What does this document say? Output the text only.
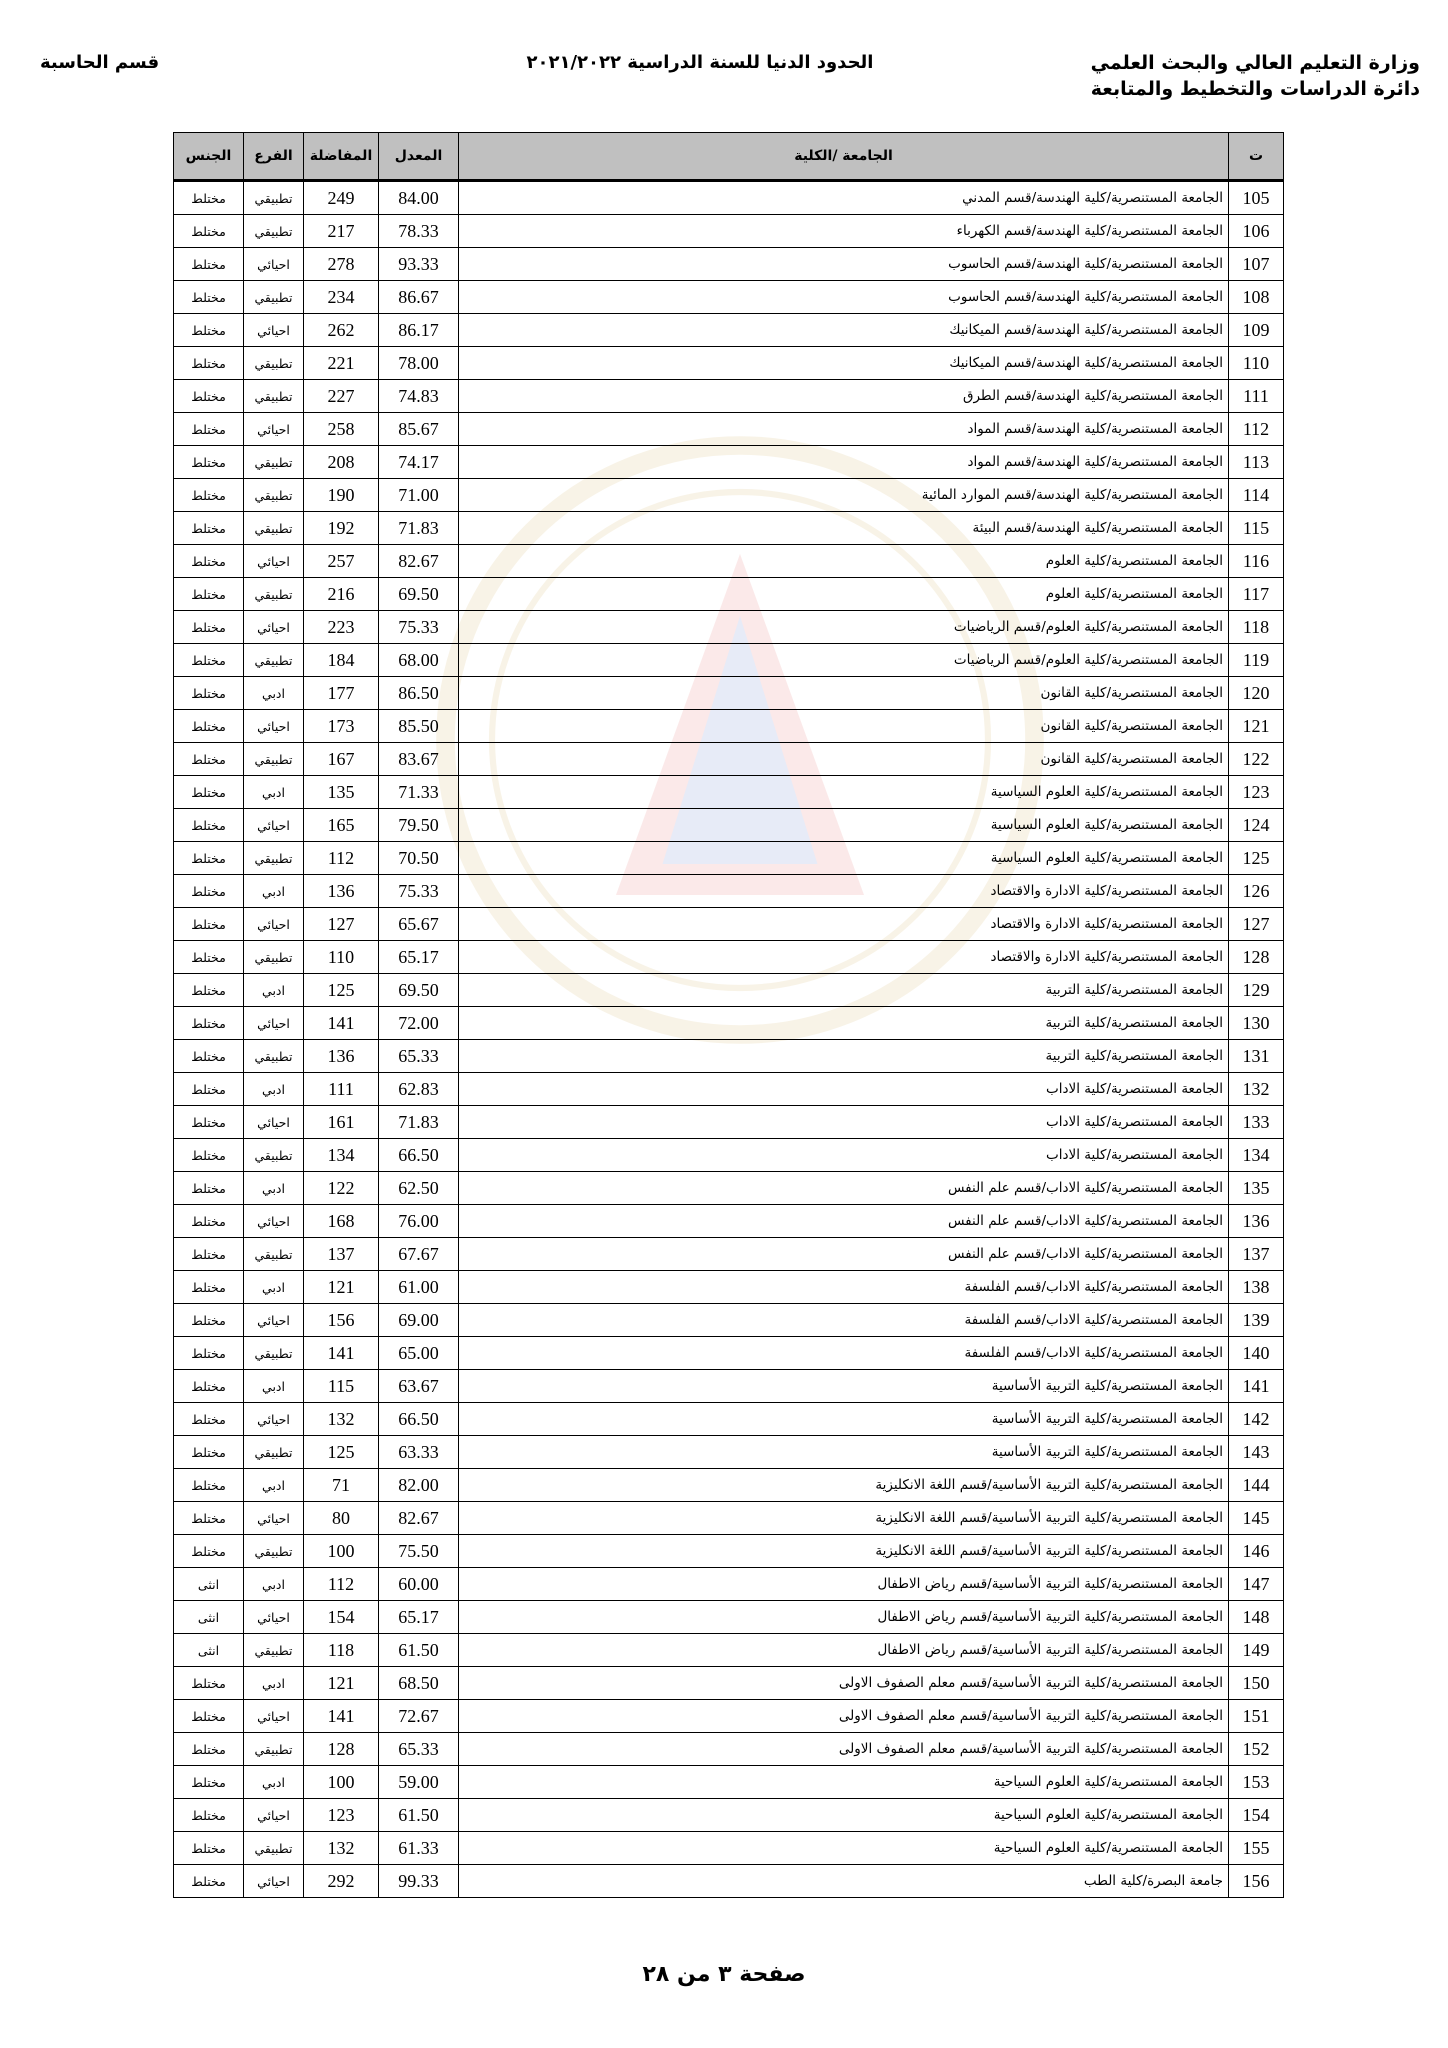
وزارة التعليم العالي والبحث العلمي
دائرة الدراسات والتخطيط والمتابعة
الحدود الدنيا للسنة الدراسية ٢٠٢١/٢٠٢٢
قسم الحاسبة
ت	الجامعة /الكلية	المعدل	المفاضلة	الفرع	الجنس
105	الجامعة المستنصرية/كلية الهندسة/قسم المدني	84.00	249	تطبيقي	مختلط
106	الجامعة المستنصرية/كلية الهندسة/قسم الكهرباء	78.33	217	تطبيقي	مختلط
107	الجامعة المستنصرية/كلية الهندسة/قسم الحاسوب	93.33	278	احيائي	مختلط
108	الجامعة المستنصرية/كلية الهندسة/قسم الحاسوب	86.67	234	تطبيقي	مختلط
109	الجامعة المستنصرية/كلية الهندسة/قسم الميكانيك	86.17	262	احيائي	مختلط
110	الجامعة المستنصرية/كلية الهندسة/قسم الميكانيك	78.00	221	تطبيقي	مختلط
111	الجامعة المستنصرية/كلية الهندسة/قسم الطرق	74.83	227	تطبيقي	مختلط
112	الجامعة المستنصرية/كلية الهندسة/قسم المواد	85.67	258	احيائي	مختلط
113	الجامعة المستنصرية/كلية الهندسة/قسم المواد	74.17	208	تطبيقي	مختلط
114	الجامعة المستنصرية/كلية الهندسة/قسم الموارد المائية	71.00	190	تطبيقي	مختلط
115	الجامعة المستنصرية/كلية الهندسة/قسم البيئة	71.83	192	تطبيقي	مختلط
116	الجامعة المستنصرية/كلية العلوم	82.67	257	احيائي	مختلط
117	الجامعة المستنصرية/كلية العلوم	69.50	216	تطبيقي	مختلط
118	الجامعة المستنصرية/كلية العلوم/قسم الرياضيات	75.33	223	احيائي	مختلط
119	الجامعة المستنصرية/كلية العلوم/قسم الرياضيات	68.00	184	تطبيقي	مختلط
120	الجامعة المستنصرية/كلية القانون	86.50	177	ادبي	مختلط
121	الجامعة المستنصرية/كلية القانون	85.50	173	احيائي	مختلط
122	الجامعة المستنصرية/كلية القانون	83.67	167	تطبيقي	مختلط
123	الجامعة المستنصرية/كلية العلوم السياسية	71.33	135	ادبي	مختلط
124	الجامعة المستنصرية/كلية العلوم السياسية	79.50	165	احيائي	مختلط
125	الجامعة المستنصرية/كلية العلوم السياسية	70.50	112	تطبيقي	مختلط
126	الجامعة المستنصرية/كلية الادارة والاقتصاد	75.33	136	ادبي	مختلط
127	الجامعة المستنصرية/كلية الادارة والاقتصاد	65.67	127	احيائي	مختلط
128	الجامعة المستنصرية/كلية الادارة والاقتصاد	65.17	110	تطبيقي	مختلط
129	الجامعة المستنصرية/كلية التربية	69.50	125	ادبي	مختلط
130	الجامعة المستنصرية/كلية التربية	72.00	141	احيائي	مختلط
131	الجامعة المستنصرية/كلية التربية	65.33	136	تطبيقي	مختلط
132	الجامعة المستنصرية/كلية الاداب	62.83	111	ادبي	مختلط
133	الجامعة المستنصرية/كلية الاداب	71.83	161	احيائي	مختلط
134	الجامعة المستنصرية/كلية الاداب	66.50	134	تطبيقي	مختلط
135	الجامعة المستنصرية/كلية الاداب/قسم علم النفس	62.50	122	ادبي	مختلط
136	الجامعة المستنصرية/كلية الاداب/قسم علم النفس	76.00	168	احيائي	مختلط
137	الجامعة المستنصرية/كلية الاداب/قسم علم النفس	67.67	137	تطبيقي	مختلط
138	الجامعة المستنصرية/كلية الاداب/قسم الفلسفة	61.00	121	ادبي	مختلط
139	الجامعة المستنصرية/كلية الاداب/قسم الفلسفة	69.00	156	احيائي	مختلط
140	الجامعة المستنصرية/كلية الاداب/قسم الفلسفة	65.00	141	تطبيقي	مختلط
141	الجامعة المستنصرية/كلية التربية الأساسية	63.67	115	ادبي	مختلط
142	الجامعة المستنصرية/كلية التربية الأساسية	66.50	132	احيائي	مختلط
143	الجامعة المستنصرية/كلية التربية الأساسية	63.33	125	تطبيقي	مختلط
144	الجامعة المستنصرية/كلية التربية الأساسية/قسم اللغة الانكليزية	82.00	71	ادبي	مختلط
145	الجامعة المستنصرية/كلية التربية الأساسية/قسم اللغة الانكليزية	82.67	80	احيائي	مختلط
146	الجامعة المستنصرية/كلية التربية الأساسية/قسم اللغة الانكليزية	75.50	100	تطبيقي	مختلط
147	الجامعة المستنصرية/كلية التربية الأساسية/قسم رياض الاطفال	60.00	112	ادبي	انثى
148	الجامعة المستنصرية/كلية التربية الأساسية/قسم رياض الاطفال	65.17	154	احيائي	انثى
149	الجامعة المستنصرية/كلية التربية الأساسية/قسم رياض الاطفال	61.50	118	تطبيقي	انثى
150	الجامعة المستنصرية/كلية التربية الأساسية/قسم معلم الصفوف الاولى	68.50	121	ادبي	مختلط
151	الجامعة المستنصرية/كلية التربية الأساسية/قسم معلم الصفوف الاولى	72.67	141	احيائي	مختلط
152	الجامعة المستنصرية/كلية التربية الأساسية/قسم معلم الصفوف الاولى	65.33	128	تطبيقي	مختلط
153	الجامعة المستنصرية/كلية العلوم السياحية	59.00	100	ادبي	مختلط
154	الجامعة المستنصرية/كلية العلوم السياحية	61.50	123	احيائي	مختلط
155	الجامعة المستنصرية/كلية العلوم السياحية	61.33	132	تطبيقي	مختلط
156	جامعة البصرة/كلية الطب	99.33	292	احيائي	مختلط
صفحة ٣ من ٢٨
